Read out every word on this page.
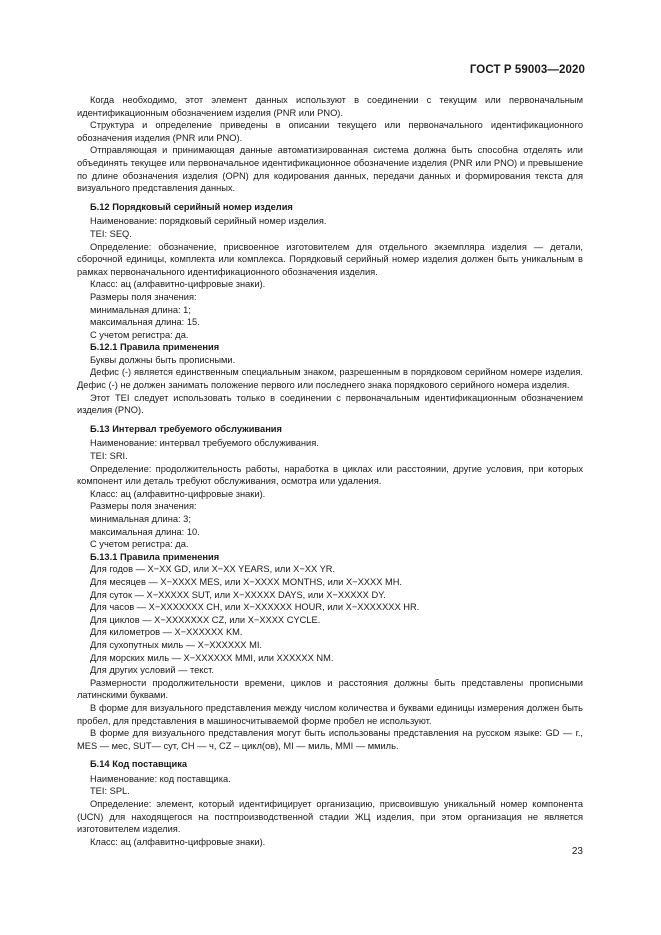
ГОСТ Р 59003—2020

Когда необходимо, этот элемент данных используют в соединении с текущим или первоначальным идентификационным обозначением изделия (PNR или PNO).

Структура и определение приведены в описании текущего или первоначального идентификационного обозначения изделия (PNR или PNO).

Отправляющая и принимающая данные автоматизированная система должна быть способна отделять или объединять текущее или первоначальное идентификационное обозначение изделия (PNR или PNO) и превышение по длине обозначения изделия (OPN) для кодирования данных, передачи данных и формирования текста для визуального представления данных.

Б.12 Порядковый серийный номер изделия

Наименование: порядковый серийный номер изделия.

TEI: SEQ.

Определение: обозначение, присвоенное изготовителем для отдельного экземпляра изделия — детали, сборочной единицы, комплекта или комплекса. Порядковый серийный номер изделия должен быть уникальным в рамках первоначального идентификационного обозначения изделия.

Класс: ац (алфавитно-цифровые знаки).

Размеры поля значения:

минимальная длина: 1;

максимальная длина: 15.

С учетом регистра: да.

Б.12.1 Правила применения

Буквы должны быть прописными.

Дефис (-) является единственным специальным знаком, разрешенным в порядковом серийном номере изделия. Дефис (-) не должен занимать положение первого или последнего знака порядкового серийного номера изделия.

Этот TEI следует использовать только в соединении с первоначальным идентификационным обозначением изделия (PNO).

Б.13 Интервал требуемого обслуживания

Наименование: интервал требуемого обслуживания.

TEI: SRI.

Определение: продолжительность работы, наработка в циклах или расстоянии, другие условия, при которых компонент или деталь требуют обслуживания, осмотра или удаления.

Класс: ац (алфавитно-цифровые знаки).

Размеры поля значения:

минимальная длина: 3;

максимальная длина: 10.

С учетом регистра: да.

Б.13.1 Правила применения

Для годов — X−XX GD, или X−XX YEARS, или X−XX YR.

Для месяцев — X−XXXX MES, или X−XXXX MONTHS, или X−XXXX MH.

Для суток — X−XXXXX SUT, или X−XXXXX DAYS, или X−XXXXX DY.

Для часов — X−XXXXXXX CH, или X−XXXXXX HOUR, или X−XXXXXXX HR.

Для циклов — X−XXXXXXX CZ, или X−XXXX CYCLE.

Для километров — X−XXXXXX KM.

Для сухопутных миль — X−XXXXXX MI.

Для морских миль — X−XXXXXX MMI, или XXXXXX NM.

Для других условий — текст.

Размерности продолжительности времени, циклов и расстояния должны быть представлены прописными латинскими буквами.

В форме для визуального представления между числом количества и буквами единицы измерения должен быть пробел, для представления в машиносчитываемой форме пробел не используют.

В форме для визуального представления могут быть использованы представления на русском языке: GD — г., MES — мес, SUT— сут, CH — ч, CZ – цикл(ов), MI — миль, MMI — ммиль.

Б.14 Код поставщика

Наименование: код поставщика.

TEI: SPL.

Определение: элемент, который идентифицирует организацию, присвоившую уникальный номер компонента (UCN) для находящегося на постпроизводственной стадии ЖЦ изделия, при этом организация не является изготовителем изделия.

Класс: ац (алфавитно-цифровые знаки).

23
